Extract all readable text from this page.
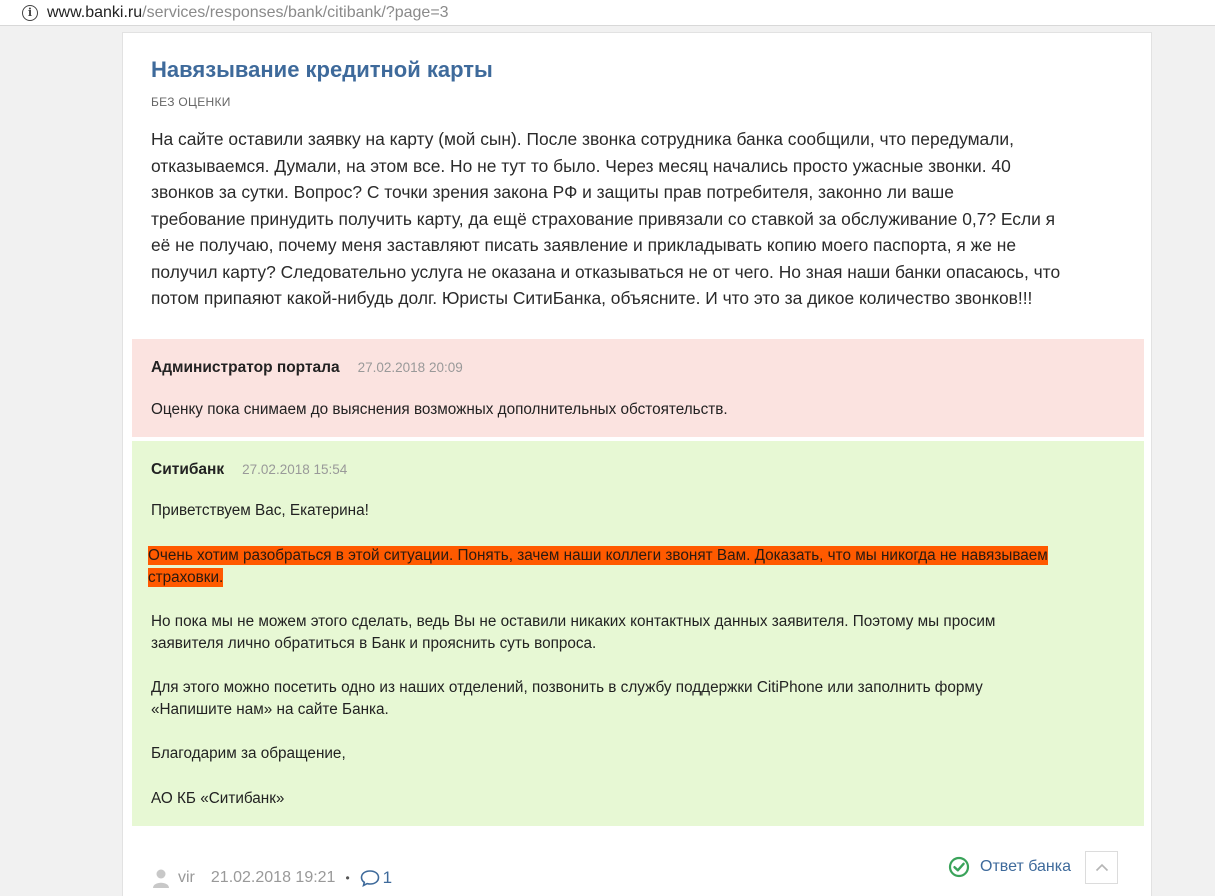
i www.banki.ru /services/responses/bank/citibank/?page=3
Навязывание кредитной карты
БЕЗ ОЦЕНКИ
На сайте оставили заявку на карту (мой сын). После звонка сотрудника банка сообщили, что передумали,
отказываемся. Думали, на этом все. Но не тут то было. Через месяц начались просто ужасные звонки. 40
звонков за сутки. Вопрос? С точки зрения закона РФ и защиты прав потребителя, законно ли ваше
требование принудить получить карту, да ещё страхование привязали со ставкой за обслуживание 0,7? Если я
её не получаю, почему меня заставляют писать заявление и прикладывать копию моего паспорта, я же не
получил карту? Следовательно услуга не оказана и отказываться не от чего. Но зная наши банки опасаюсь, что
потом припаяют какой-нибудь долг. Юристы СитиБанка, объясните. И что это за дикое количество звонков!!!
Администратор портала 27.02.2018 20:09
Оценку пока снимаем до выяснения возможных дополнительных обстоятельств.
Ситибанк 27.02.2018 15:54
Приветствуем Вас, Екатерина!
Очень хотим разобраться в этой ситуации. Понять, зачем наши коллеги звонят Вам. Доказать, что мы никогда не навязываем
страховки.
Но пока мы не можем этого сделать, ведь Вы не оставили никаких контактных данных заявителя. Поэтому мы просим
заявителя лично обратиться в Банк и прояснить суть вопроса.
Для этого можно посетить одно из наших отделений, позвонить в службу поддержки CitiPhone или заполнить форму
«Напишите нам» на сайте Банка.
Благодарим за обращение,
АО КБ «Ситибанк»
vir 21.02.2018 19:21 • 1
Ответ банка
